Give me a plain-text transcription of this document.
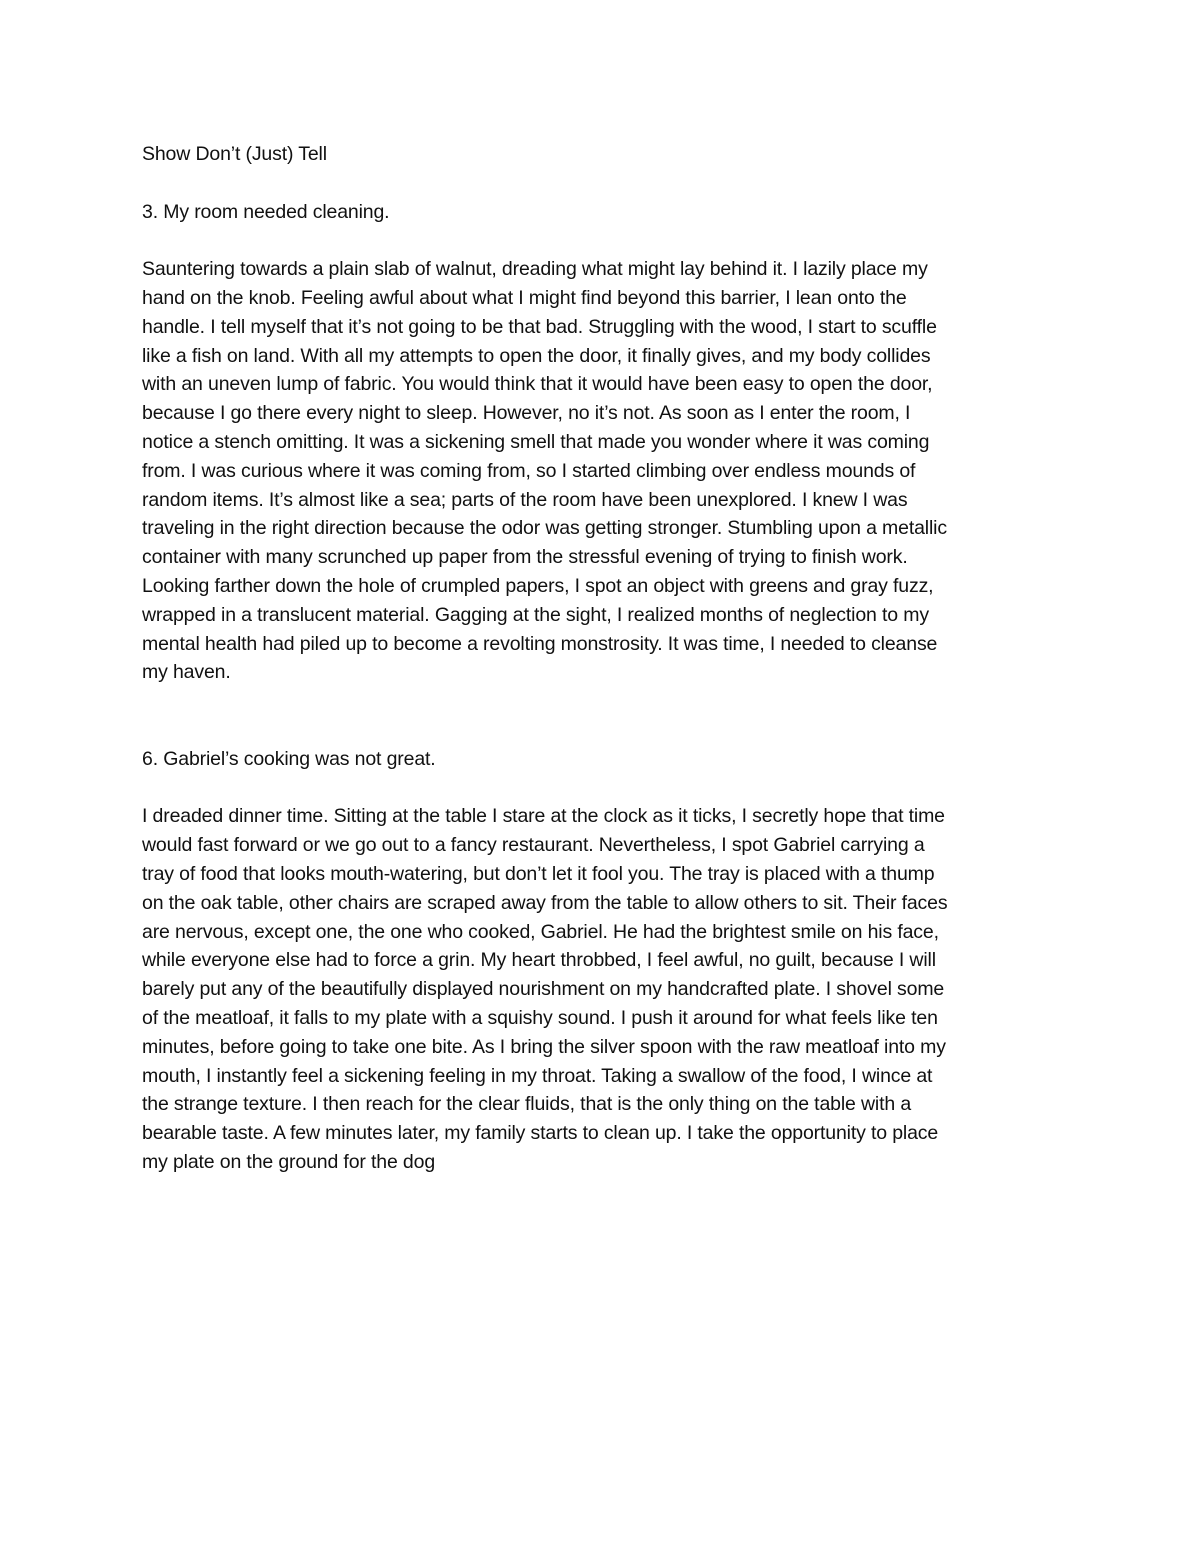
Show Don’t (Just) Tell
3. My room needed cleaning.
Sauntering towards a plain slab of walnut, dreading what might lay behind it. I lazily place my
hand on the knob. Feeling awful about what I might find beyond this barrier, I lean onto the
handle. I tell myself that it’s not going to be that bad. Struggling with the wood, I start to scuffle
like a fish on land. With all my attempts to open the door, it finally gives, and my body collides
with an uneven lump of fabric. You would think that it would have been easy to open the door,
because I go there every night to sleep. However, no it’s not. As soon as I enter the room, I
notice a stench omitting. It was a sickening smell that made you wonder where it was coming
from. I was curious where it was coming from, so I started climbing over endless mounds of
random items. It’s almost like a sea; parts of the room have been unexplored. I knew I was
traveling in the right direction because the odor was getting stronger. Stumbling upon a metallic
container with many scrunched up paper from the stressful evening of trying to finish work.
Looking farther down the hole of crumpled papers, I spot an object with greens and gray fuzz,
wrapped in a translucent material. Gagging at the sight, I realized months of neglection to my
mental health had piled up to become a revolting monstrosity. It was time, I needed to cleanse
my haven.
6. Gabriel’s cooking was not great.
I dreaded dinner time. Sitting at the table I stare at the clock as it ticks, I secretly hope that time
would fast forward or we go out to a fancy restaurant. Nevertheless, I spot Gabriel carrying a
tray of food that looks mouth-watering, but don’t let it fool you. The tray is placed with a thump
on the oak table, other chairs are scraped away from the table to allow others to sit. Their faces
are nervous, except one, the one who cooked, Gabriel. He had the brightest smile on his face,
while everyone else had to force a grin. My heart throbbed, I feel awful, no guilt, because I will
barely put any of the beautifully displayed nourishment on my handcrafted plate. I shovel some
of the meatloaf, it falls to my plate with a squishy sound. I push it around for what feels like ten
minutes, before going to take one bite. As I bring the silver spoon with the raw meatloaf into my
mouth, I instantly feel a sickening feeling in my throat. Taking a swallow of the food, I wince at
the strange texture. I then reach for the clear fluids, that is the only thing on the table with a
bearable taste. A few minutes later, my family starts to clean up. I take the opportunity to place
my plate on the ground for the dog
